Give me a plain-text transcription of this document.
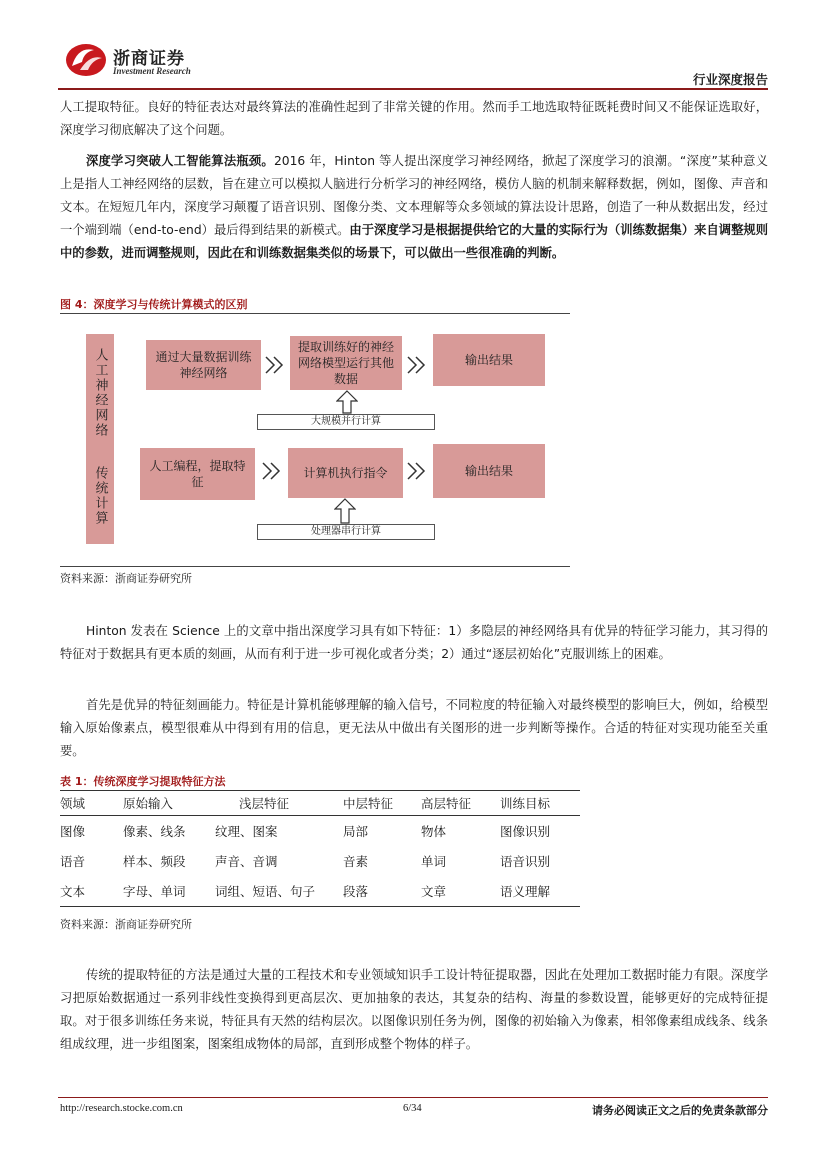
浙商证券
Investment Research
行业深度报告

人工提取特征。良好的特征表达对最终算法的准确性起到了非常关键的作用。然而手工地选取特征既耗费时间又不能保证选取好，深度学习彻底解决了这个问题。

深度学习突破人工智能算法瓶颈。2016 年，Hinton 等人提出深度学习神经网络，掀起了深度学习的浪潮。“深度”某种意义上是指人工神经网络的层数，旨在建立可以模拟人脑进行分析学习的神经网络，模仿人脑的机制来解释数据，例如，图像、声音和文本。在短短几年内，深度学习颠覆了语音识别、图像分类、文本理解等众多领域的算法设计思路，创造了一种从数据出发，经过一个端到端（end-to-end）最后得到结果的新模式。由于深度学习是根据提供给它的大量的实际行为（训练数据集）来自调整规则中的参数，进而调整规则，因此在和训练数据集类似的场景下，可以做出一些很准确的判断。

图 4：深度学习与传统计算模式的区别
人工神经网络	通过大量数据训练神经网络
提取训练好的神经网络模型运行其他数据
输出结果
大规模并行计算
传统计算	人工编程，提取特征
计算机执行指令	输出结果
处理器串行计算
资料来源：浙商证券研究所

Hinton 发表在 Science 上的文章中指出深度学习具有如下特征：1）多隐层的神经网络具有优异的特征学习能力，其习得的特征对于数据具有更本质的刻画，从而有利于进一步可视化或者分类；2）通过“逐层初始化”克服训练上的困难。

首先是优异的特征刻画能力。特征是计算机能够理解的输入信号，不同粒度的特征输入对最终模型的影响巨大，例如，给模型输入原始像素点，模型很难从中得到有用的信息，更无法从中做出有关图形的进一步判断等操作。合适的特征对实现功能至关重要。

表 1：传统深度学习提取特征方法
领域	原始输入	浅层特征	中层特征	高层特征	训练目标
图像	像素、线条	纹理、图案	局部	物体	图像识别
语音	样本、频段	声音、音调	音素	单词	语音识别
文本	字母、单词	词组、短语、句子	段落	文章	语义理解
资料来源：浙商证券研究所

传统的提取特征的方法是通过大量的工程技术和专业领域知识手工设计特征提取器，因此在处理加工数据时能力有限。深度学习把原始数据通过一系列非线性变换得到更高层次、更加抽象的表达，其复杂的结构、海量的参数设置，能够更好的完成特征提取。对于很多训练任务来说，特征具有天然的结构层次。以图像识别任务为例，图像的初始输入为像素，相邻像素组成线条、线条组成纹理，进一步组图案，图案组成物体的局部，直到形成整个物体的样子。

http://research.stocke.com.cn	6/34	请务必阅读正文之后的免责条款部分
